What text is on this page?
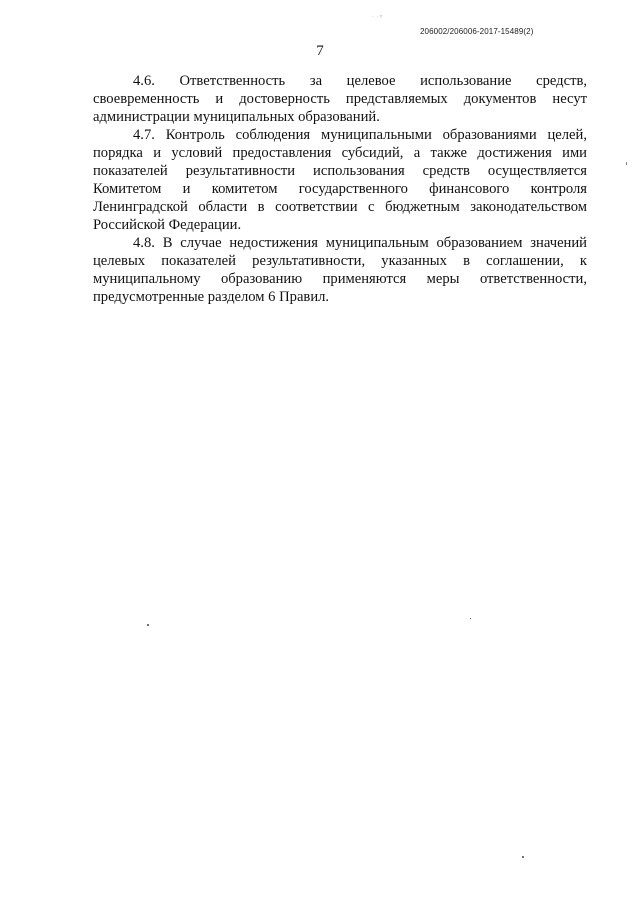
· ·≈
206002/206006-2017-15489(2)
7

4.6. Ответственность за целевое использование средств, своевременность и достоверность представляемых документов несут администрации муниципальных образований.

4.7. Контроль соблюдения муниципальными образованиями целей, порядка и условий предоставления субсидий, а также достижения ими показателей результативности использования средств осуществляется Комитетом и комитетом государственного финансового контроля Ленинградской области в соответствии с бюджетным законодательством Российской Федерации.

4.8. В случае недостижения муниципальным образованием значений целевых показателей результативности, указанных в соглашении, к муниципальному образованию применяются меры ответственности, предусмотренные разделом 6 Правил.
